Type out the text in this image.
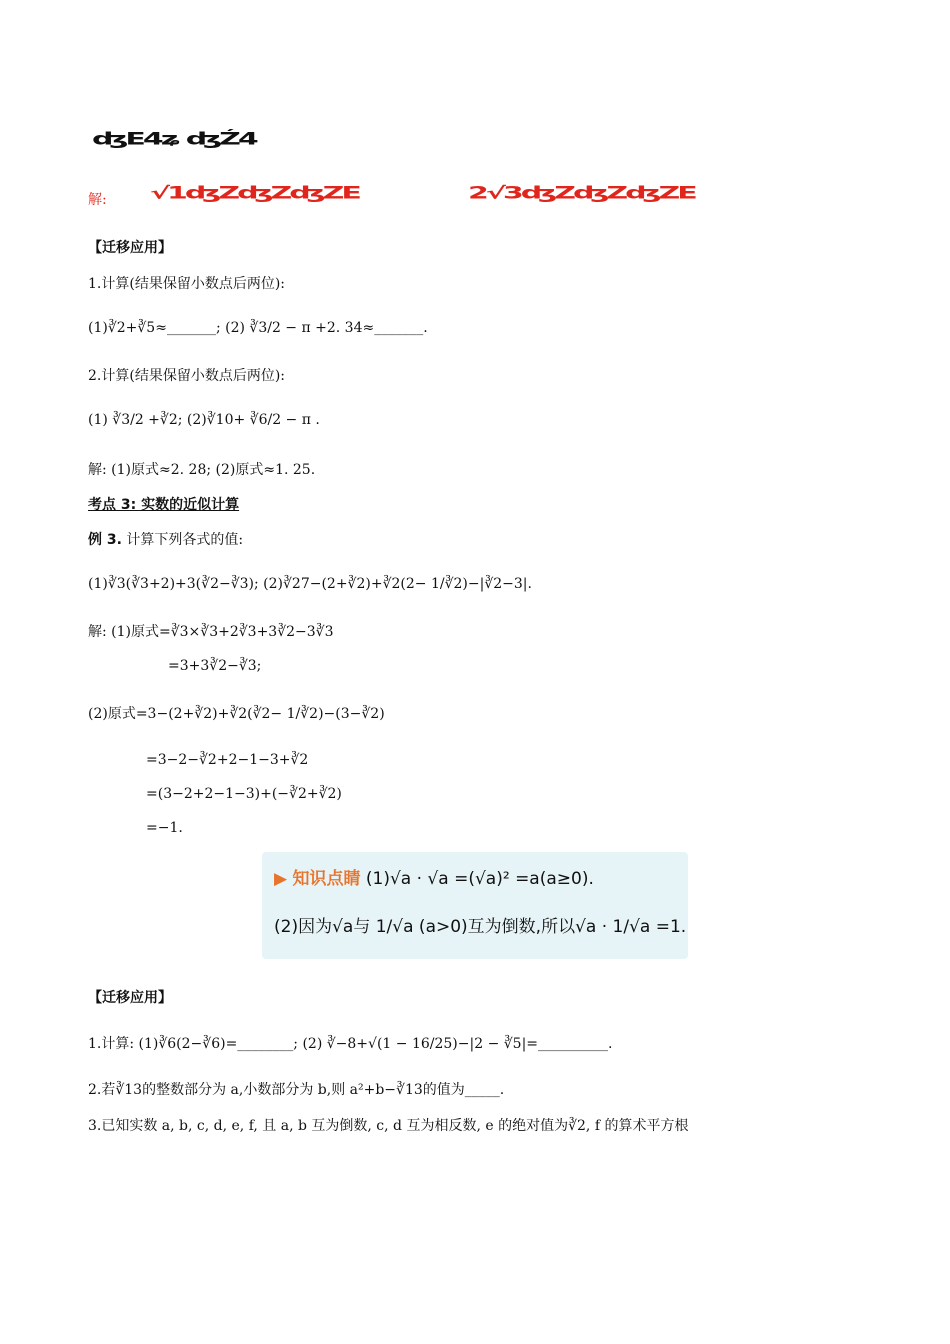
ʤE4ʑ ʤŹ4
解: √1ʤZʤZʤZE	2√3ʤZʤZʤZE
【迁移应用】
1.计算(结果保留小数点后两位):
(1)∛2+∛5≈_______; (2) ∛3/2 − π +2. 34≈_______.
2.计算(结果保留小数点后两位):
(1) ∛3/2 +∛2; (2)∛10+ ∛6/2 − π .
解: (1)原式≈2. 28; (2)原式≈1. 25.
考点 3: 实数的近似计算
例 3. 计算下列各式的值:
(1)∛3(∛3+2)+3(∛2−∛3); (2)∛27−(2+∛2)+∛2(2− 1/∛2)−|∛2−3|.
解: (1)原式=∛3×∛3+2∛3+3∛2−3∛3
=3+3∛2−∛3;
(2)原式=3−(2+∛2)+∛2(∛2− 1/∛2)−(3−∛2)
=3−2−∛2+2−1−3+∛2
=(3−2+2−1−3)+(−∛2+∛2)
=−1.
▶ 知识点睛 (1)√a · √a =(√a)² =a(a≥0).
(2)因为√a与 1/√a (a>0)互为倒数,所以√a · 1/√a =1.
【迁移应用】
1.计算: (1)∛6(2−∛6)=________; (2) ∛−8+√(1 − 16/25)−|2 − ∛5|=__________.
2.若∛13的整数部分为 a,小数部分为 b,则 a²+b−∛13的值为_____.
3.已知实数 a, b, c, d, e, f, 且 a, b 互为倒数, c, d 互为相反数, e 的绝对值为∛2, f 的算术平方根
